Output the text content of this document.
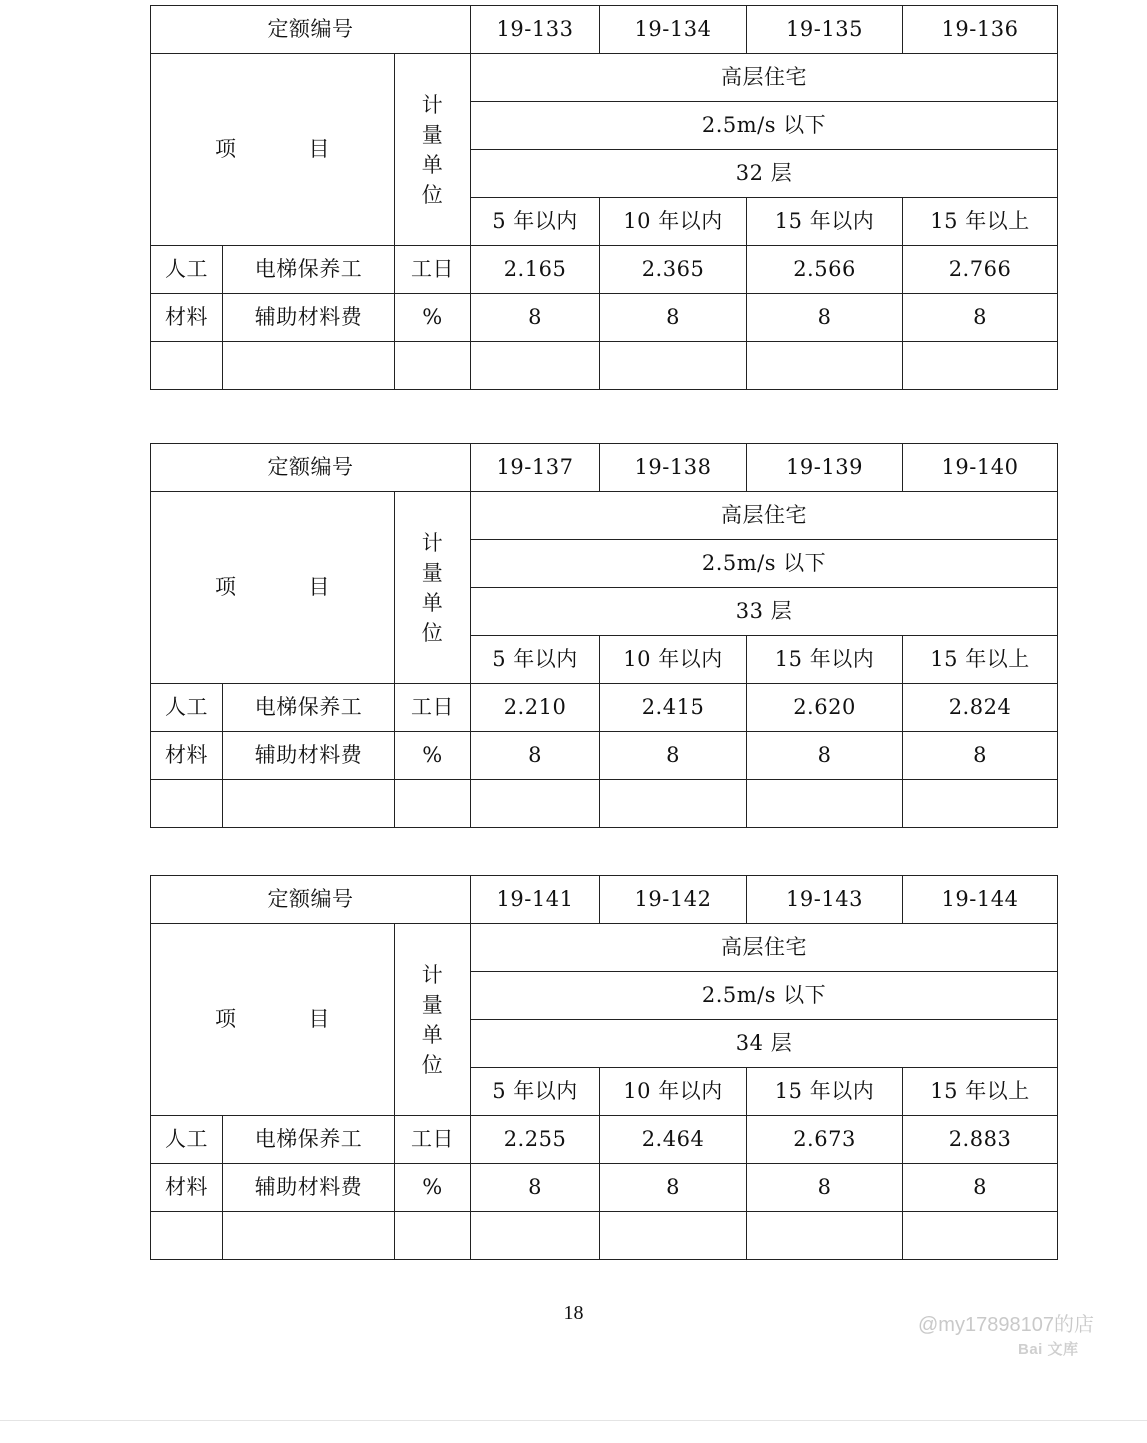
定额编号			19-133	19-134	19-135	19-136
项 目		计
量
单
位	高层住宅			
			2.5m/s 以下			
			32 层			
			5 年以内	10 年以内	15 年以内	15 年以上
人工	电梯保养工	工日	2.165	2.365	2.566	2.766
材料	辅助材料费	%	8	8	8	8

定额编号			19-137	19-138	19-139	19-140
项 目		计
量
单
位	高层住宅			
			2.5m/s 以下			
			33 层			
			5 年以内	10 年以内	15 年以内	15 年以上
人工	电梯保养工	工日	2.210	2.415	2.620	2.824
材料	辅助材料费	%	8	8	8	8

定额编号			19-141	19-142	19-143	19-144
项 目		计
量
单
位	高层住宅			
			2.5m/s 以下			
			34 层			
			5 年以内	10 年以内	15 年以内	15 年以上
人工	电梯保养工	工日	2.255	2.464	2.673	2.883
材料	辅助材料费	%	8	8	8	8

18
@my17898107的店
Bai 文库
